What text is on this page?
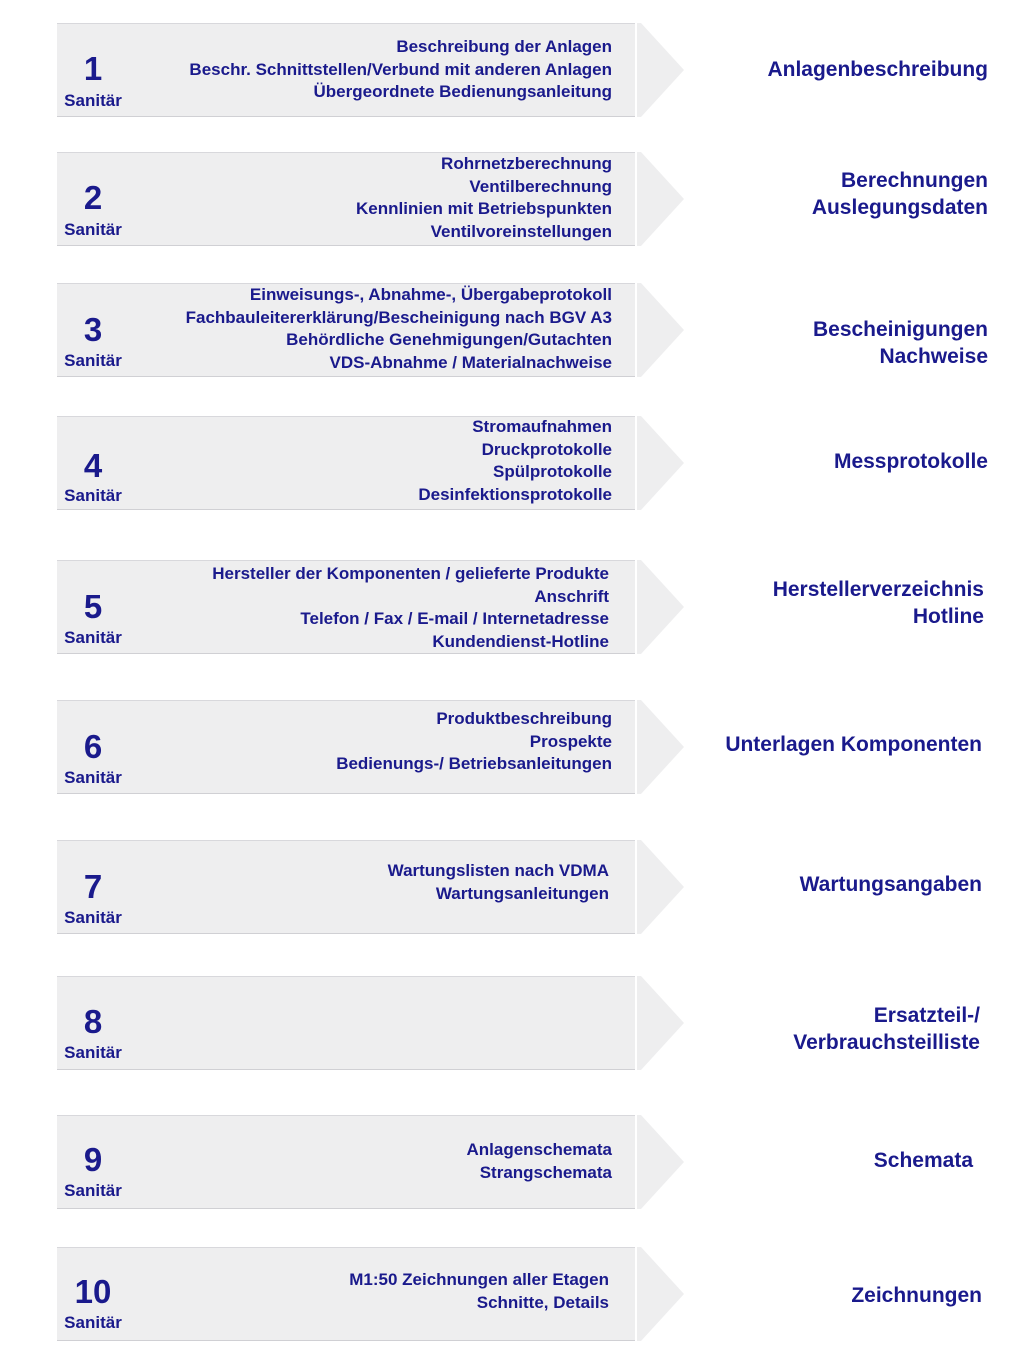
1
Sanitär
Beschreibung der Anlagen
Beschr. Schnittstellen/Verbund mit anderen Anlagen
Übergeordnete Bedienungsanleitung
Anlagenbeschreibung
2
Sanitär
Rohrnetzberechnung
Ventilberechnung
Kennlinien mit Betriebspunkten
Ventilvoreinstellungen
Berechnungen
Auslegungsdaten
3
Sanitär
Einweisungs-, Abnahme-, Übergabeprotokoll
Fachbauleitererklärung/Bescheinigung nach BGV A3
Behördliche Genehmigungen/Gutachten
VDS-Abnahme / Materialnachweise
Bescheinigungen
Nachweise
4
Sanitär
Stromaufnahmen
Druckprotokolle
Spülprotokolle
Desinfektionsprotokolle
Messprotokolle
5
Sanitär
Hersteller der Komponenten / gelieferte Produkte
Anschrift
Telefon / Fax / E-mail / Internetadresse
Kundendienst-Hotline
Herstellerverzeichnis
Hotline
6
Sanitär
Produktbeschreibung
Prospekte
Bedienungs-/ Betriebsanleitungen
Unterlagen Komponenten
7
Sanitär
Wartungslisten nach VDMA
Wartungsanleitungen	Wartungsangaben
8
Sanitär
Ersatzteil-/
Verbrauchsteilliste
9
Sanitär
Anlagenschemata
Strangschemata	Schemata
10
Sanitär
M1:50 Zeichnungen aller Etagen
Schnitte, Details	Zeichnungen
